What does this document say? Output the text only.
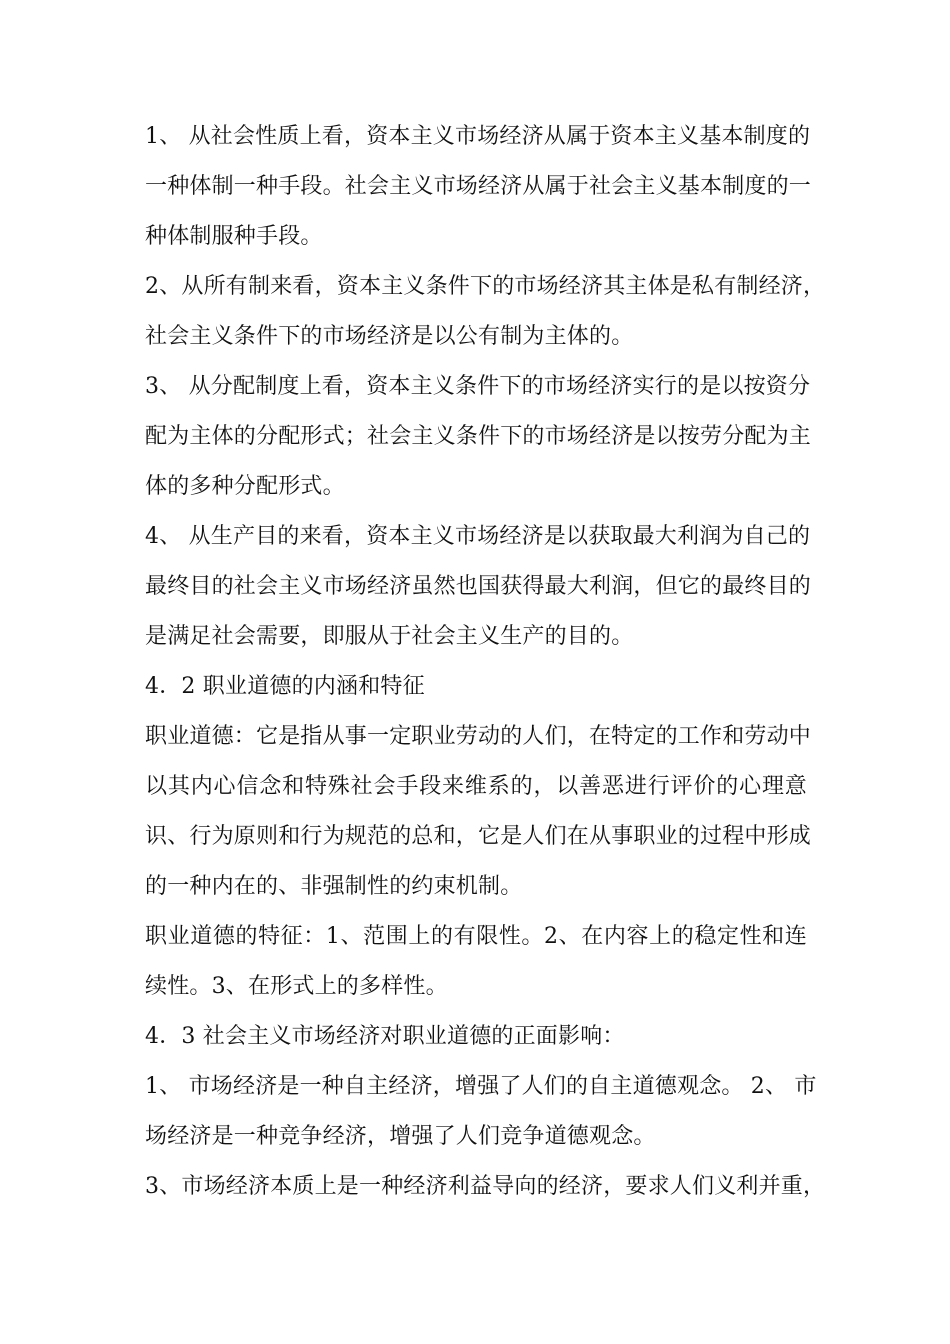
1、 从社会性质上看，资本主义市场经济从属于资本主义基本制度的
一种体制一种手段。社会主义市场经济从属于社会主义基本制度的一
种体制服种手段。
2、从所有制来看，资本主义条件下的市场经济其主体是私有制经济，
社会主义条件下的市场经济是以公有制为主体的。
3、 从分配制度上看，资本主义条件下的市场经济实行的是以按资分
配为主体的分配形式；社会主义条件下的市场经济是以按劳分配为主
体的多种分配形式。
4、 从生产目的来看，资本主义市场经济是以获取最大利润为自己的
最终目的社会主义市场经济虽然也国获得最大利润，但它的最终目的
是满足社会需要，即服从于社会主义生产的目的。
4．2 职业道德的内涵和特征
职业道德：它是指从事一定职业劳动的人们，在特定的工作和劳动中
以其内心信念和特殊社会手段来维系的，以善恶进行评价的心理意
识、行为原则和行为规范的总和，它是人们在从事职业的过程中形成
的一种内在的、非强制性的约束机制。
职业道德的特征：1、范围上的有限性。2、在内容上的稳定性和连
续性。3、在形式上的多样性。
4．3 社会主义市场经济对职业道德的正面影响：
1、 市场经济是一种自主经济，增强了人们的自主道德观念。 2、 市
场经济是一种竞争经济，增强了人们竞争道德观念。
3、市场经济本质上是一种经济利益导向的经济，要求人们义利并重，
